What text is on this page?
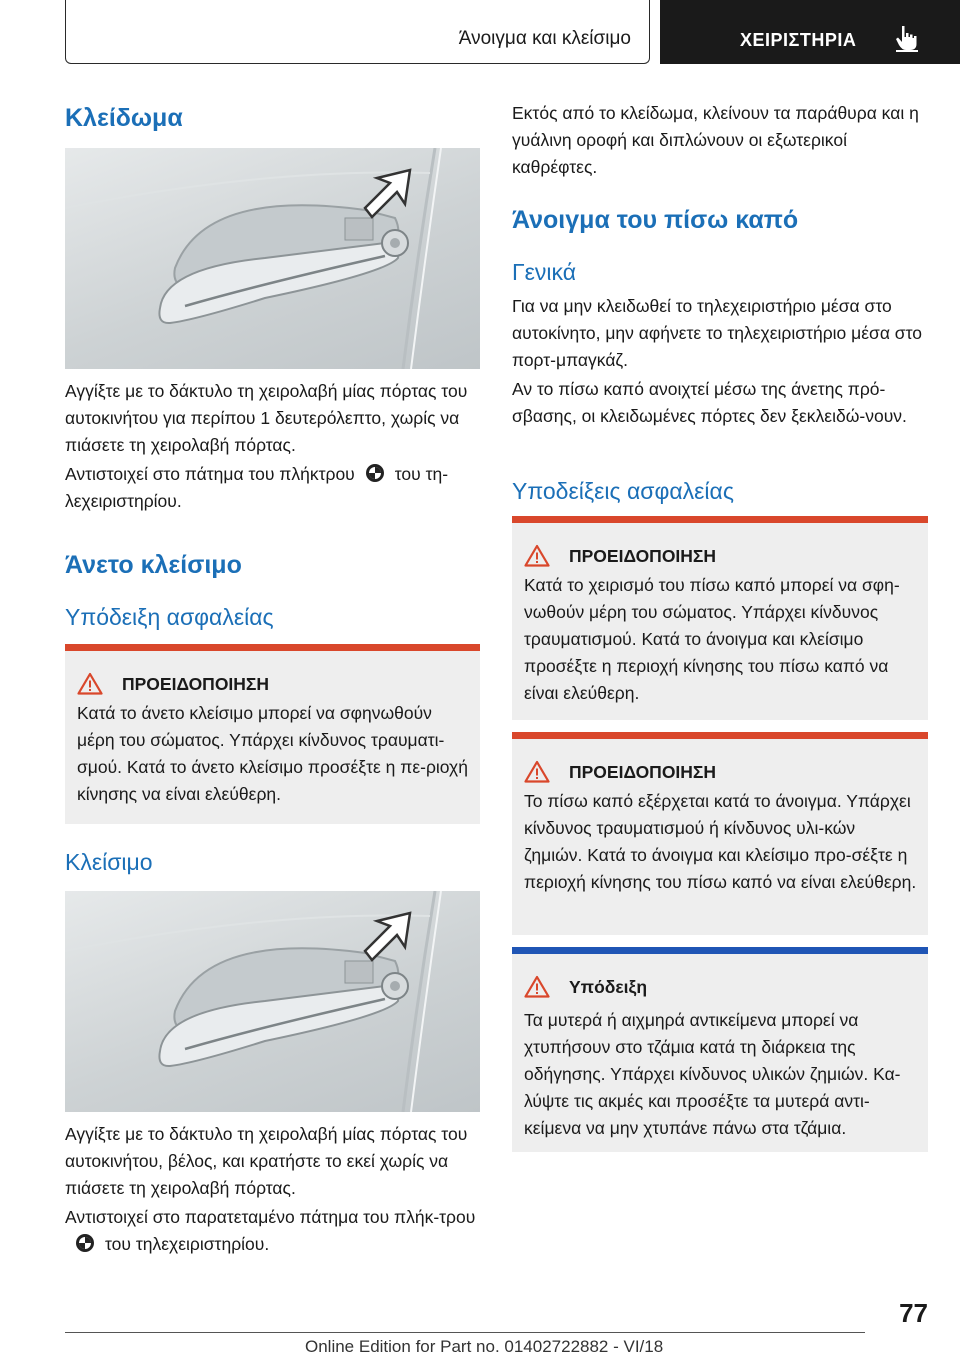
Άνοιγμα και κλείσιμο	ΧΕΙΡΙΣΤΗΡΙΑ
Κλείδωμα

Αγγίξτε με το δάκτυλο τη χειρολαβή μίας πόρτας του αυτοκινήτου για περίπου 1 δευτερόλεπτο, χωρίς να πιάσετε τη χειρολαβή πόρτας.

Αντιστοιχεί στο πάτημα του πλήκτρου του τη-λεχειριστηρίου.

Άνετο κλείσιμο
Υπόδειξη ασφαλείας
ΠΡΟΕΙΔΟΠΟΙΗΣΗ

Κατά το άνετο κλείσιμο μπορεί να σφηνωθούν μέρη του σώματος. Υπάρχει κίνδυνος τραυματι-σμού. Κατά το άνετο κλείσιμο προσέξτε η πε-ριοχή κίνησης να είναι ελεύθερη.

Κλείσιμο

Αγγίξτε με το δάκτυλο τη χειρολαβή μίας πόρτας του αυτοκινήτου, βέλος, και κρατήστε το εκεί χωρίς να πιάσετε τη χειρολαβή πόρτας.

Αντιστοιχεί στο παρατεταμένο πάτημα του πλήκ-τρουτου τηλεχειριστηρίου.

Εκτός από το κλείδωμα, κλείνουν τα παράθυρα και η γυάλινη οροφή και διπλώνουν οι εξωτερικοί καθρέφτες.

Άνοιγμα του πίσω καπό
Γενικά

Για να μην κλειδωθεί το τηλεχειριστήριο μέσα στο αυτοκίνητο, μην αφήνετε το τηλεχειριστήριο μέσα στο πορτ-μπαγκάζ.

Αν το πίσω καπό ανοιχτεί μέσω της άνετης πρό-σβασης, οι κλειδωμένες πόρτες δεν ξεκλειδώ-νουν.

Υποδείξεις ασφαλείας
ΠΡΟΕΙΔΟΠΟΙΗΣΗ

Κατά το χειρισμό του πίσω καπό μπορεί να σφη-νωθούν μέρη του σώματος. Υπάρχει κίνδυνος τραυματισμού. Κατά το άνοιγμα και κλείσιμο προσέξτε η περιοχή κίνησης του πίσω καπό να είναι ελεύθερη.

ΠΡΟΕΙΔΟΠΟΙΗΣΗ

Το πίσω καπό εξέρχεται κατά το άνοιγμα. Υπάρχει κίνδυνος τραυματισμού ή κίνδυνος υλι-κών ζημιών. Κατά το άνοιγμα και κλείσιμο προ-σέξτε η περιοχή κίνησης του πίσω καπό να είναι ελεύθερη.

Υπόδειξη

Τα μυτερά ή αιχμηρά αντικείμενα μπορεί να χτυπήσουν στο τζάμια κατά τη διάρκεια της οδήγησης. Υπάρχει κίνδυνος υλικών ζημιών. Κα-λύψτε τις ακμές και προσέξτε τα μυτερά αντι-κείμενα να μην χτυπάνε πάνω στα τζάμια.

77
Online Edition for Part no. 01402722882 - VI/18
